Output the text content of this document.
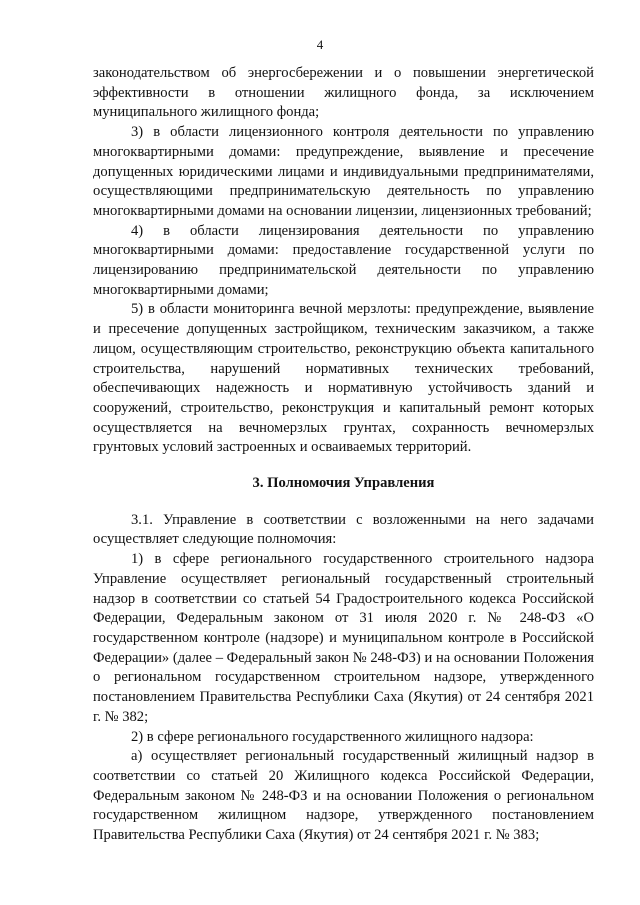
4

законодательством об энергосбережении и о повышении энергетической эффективности в отношении жилищного фонда, за исключением муниципального жилищного фонда;

3) в области лицензионного контроля деятельности по управлению многоквартирными домами: предупреждение, выявление и пресечение допущенных юридическими лицами и индивидуальными предпринимателями, осуществляющими предпринимательскую деятельность по управлению многоквартирными домами на основании лицензии, лицензионных требований;

4) в области лицензирования деятельности по управлению многоквартирными домами: предоставление государственной услуги по лицензированию предпринимательской деятельности по управлению многоквартирными домами;

5) в области мониторинга вечной мерзлоты: предупреждение, выявление и пресечение допущенных застройщиком, техническим заказчиком, а также лицом, осуществляющим строительство, реконструкцию объекта капитального строительства, нарушений нормативных технических требований, обеспечивающих надежность и нормативную устойчивость зданий и сооружений, строительство, реконструкция и капитальный ремонт которых осуществляется на вечномерзлых грунтах, сохранность вечномерзлых грунтовых условий застроенных и осваиваемых территорий.

3. Полномочия Управления

3.1. Управление в соответствии с возложенными на него задачами осуществляет следующие полномочия:

1) в сфере регионального государственного строительного надзора Управление осуществляет региональный государственный строительный надзор в соответствии со статьей 54 Градостроительного кодекса Российской Федерации, Федеральным законом от 31 июля 2020 г. № 248-ФЗ «О государственном контроле (надзоре) и муниципальном контроле в Российской Федерации» (далее – Федеральный закон № 248-ФЗ) и на основании Положения о региональном государственном строительном надзоре, утвержденного постановлением Правительства Республики Саха (Якутия) от 24 сентября 2021 г. № 382;

2) в сфере регионального государственного жилищного надзора:

а) осуществляет региональный государственный жилищный надзор в соответствии со статьей 20 Жилищного кодекса Российской Федерации, Федеральным законом № 248-ФЗ и на основании Положения о региональном государственном жилищном надзоре, утвержденного постановлением Правительства Республики Саха (Якутия) от 24 сентября 2021 г. № 383;
